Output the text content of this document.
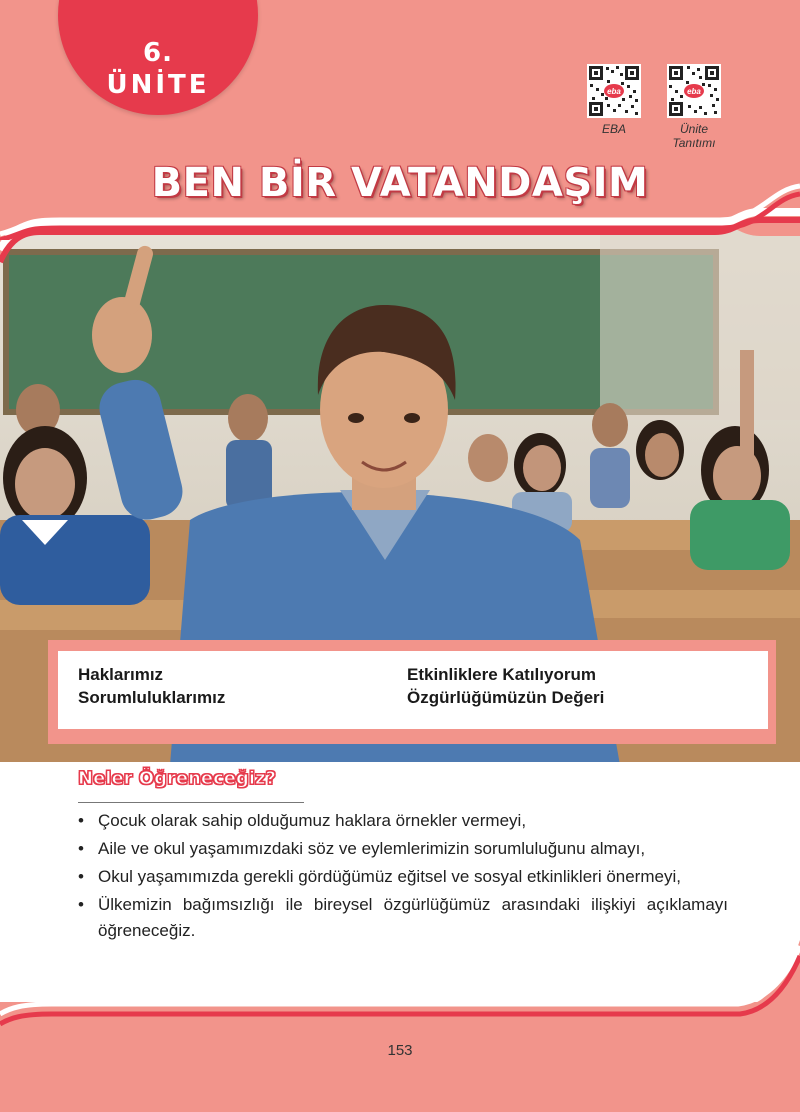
6.
ÜNİTE	eba	eba
EBA	Ünite
Tanıtımı
BEN BİR VATANDAŞIM
Haklarımız
Sorumluluklarımız
Etkinliklere Katılıyorum
Özgürlüğümüzün Değeri
Neler Öğreneceğiz?
• Çocuk olarak sahip olduğumuz haklara örnekler vermeyi,
• Aile ve okul yaşamımızdaki söz ve eylemlerimizin sorumluluğunu almayı,
• Okul yaşamımızda gerekli gördüğümüz eğitsel ve sosyal etkinlikleri önermeyi,
• Ülkemizin bağımsızlığı ile bireysel özgürlüğümüz arasındaki ilişkiyi açıklamayı öğreneceğiz.
153
